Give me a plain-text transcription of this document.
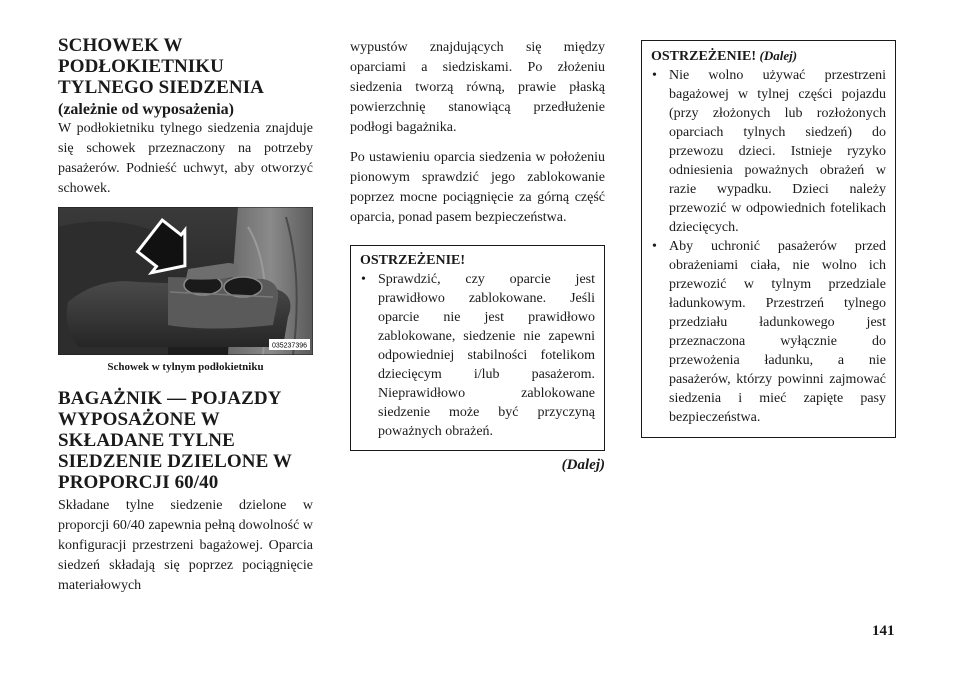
SCHOWEK W PODŁOKIETNIKU TYLNEGO SIEDZENIA
(zależnie od wyposażenia)

W podłokietniku tylnego siedzenia znajduje się schowek przeznaczony na potrzeby pasażerów. Podnieść uchwyt, aby otworzyć schowek.

035237396
Schowek w tylnym podłokietniku
BAGAŻNIK — POJAZDY WYPOSAŻONE W SKŁADANE TYLNE SIEDZENIE DZIELONE W PROPORCJI 60/40

Składane tylne siedzenie dzielone w proporcji 60/40 zapewnia pełną dowolność w konfiguracji przestrzeni bagażowej. Oparcia siedzeń składają się poprzez pociągnięcie materiałowych

wypustów znajdujących się między oparciami a siedziskami. Po złożeniu siedzenia tworzą równą, prawie płaską powierzchnię stanowiącą przedłużenie podłogi bagażnika.

Po ustawieniu oparcia siedzenia w położeniu pionowym sprawdzić jego zablokowanie poprzez mocne pociągnięcie za górną część oparcia, ponad pasem bezpieczeństwa.

OSTRZEŻENIE!
• Sprawdzić, czy oparcie jest prawidłowo zablokowane. Jeśli oparcie nie jest prawidłowo zablokowane, siedzenie nie zapewni odpowiedniej stabilności fotelikom dziecięcym i/lub pasażerom. Nieprawidłowo zablokowane siedzenie może być przyczyną poważnych obrażeń.
(Dalej)
OSTRZEŻENIE! (Dalej)
• Nie wolno używać przestrzeni bagażowej w tylnej części pojazdu (przy złożonych lub rozłożonych oparciach tylnych siedzeń) do przewozu dzieci. Istnieje ryzyko odniesienia poważnych obrażeń w razie wypadku. Dzieci należy przewozić w odpowiednich fotelikach dziecięcych.
• Aby uchronić pasażerów przed obrażeniami ciała, nie wolno ich przewozić w tylnym przedziale ładunkowym. Przestrzeń tylnego przedziału ładunkowego jest przeznaczona wyłącznie do przewożenia ładunku, a nie pasażerów, którzy powinni zajmować siedzenia i mieć zapięte pasy bezpieczeństwa.
141
